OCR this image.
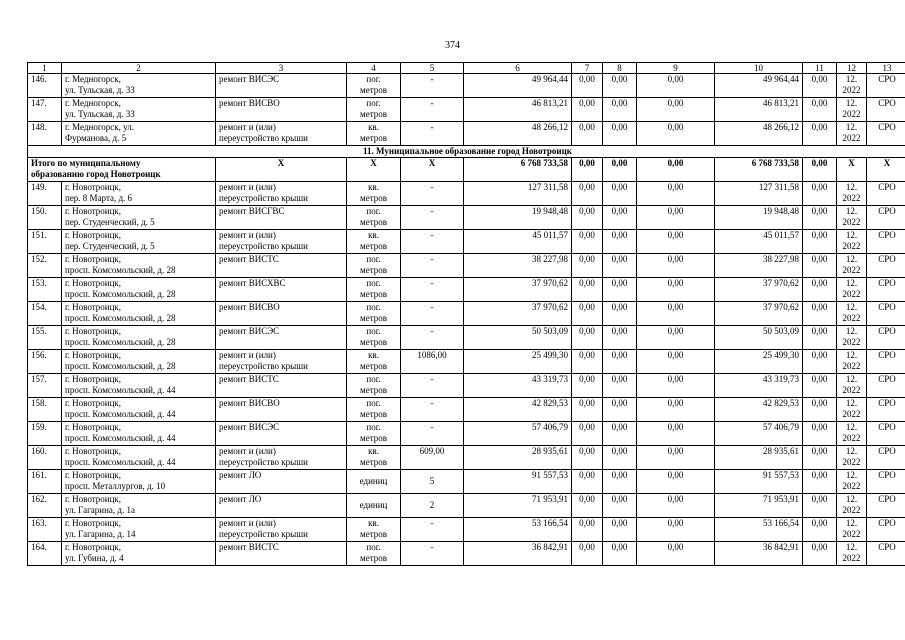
374
1	2	3	4	5	6	7	8	9	10	11	12	13
146.	г. Медногорск,
ул. Тульская, д. 33	ремонт ВИСЭС	пог.
метров	-	49 964,44	0,00	0,00	0,00	49 964,44	0,00	12.
2022	СРО
147.	г. Медногорск,
ул. Тульская, д. 33	ремонт ВИСВО	пог.
метров	-	46 813,21	0,00	0,00	0,00	46 813,21	0,00	12.
2022	СРО
148.	г. Медногорск, ул.
Фурманова, д. 5	ремонт и (или)
переустройство крыши	кв.
метров	-	48 266,12	0,00	0,00	0,00	48 266,12	0,00	12.
2022	СРО
11. Муниципальное образование город Новотроицк												
Итого по муниципальному
образованию город Новотроицк		Х	Х	Х	6 768 733,58	0,00	0,00	0,00	6 768 733,58	0,00	Х	Х
149.	г. Новотроицк,
пер. 8 Марта, д. 6	ремонт и (или)
переустройство крыши	кв.
метров	-	127 311,58	0,00	0,00	0,00	127 311,58	0,00	12.
2022	СРО
150.	г. Новотроицк,
пер. Студенческий, д. 5	ремонт ВИСГВС	пог.
метров	-	19 948,48	0,00	0,00	0,00	19 948,48	0,00	12.
2022	СРО
151.	г. Новотроицк,
пер. Студенческий, д. 5	ремонт и (или)
переустройство крыши	кв.
метров	-	45 011,57	0,00	0,00	0,00	45 011,57	0,00	12.
2022	СРО
152.	г. Новотроицк,
просп. Комсомольский, д. 28	ремонт ВИСТС	пог.
метров	-	38 227,98	0,00	0,00	0,00	38 227,98	0,00	12.
2022	СРО
153.	г. Новотроицк,
просп. Комсомольский, д. 28	ремонт ВИСХВС	пог.
метров	-	37 970,62	0,00	0,00	0,00	37 970,62	0,00	12.
2022	СРО
154.	г. Новотроицк,
просп. Комсомольский, д. 28	ремонт ВИСВО	пог.
метров	-	37 970,62	0,00	0,00	0,00	37 970,62	0,00	12.
2022	СРО
155.	г. Новотроицк,
просп. Комсомольский, д. 28	ремонт ВИСЭС	пог.
метров	-	50 503,09	0,00	0,00	0,00	50 503,09	0,00	12.
2022	СРО
156.	г. Новотроицк,
просп. Комсомольский, д. 28	ремонт и (или)
переустройство крыши	кв.
метров	1086,00	25 499,30	0,00	0,00	0,00	25 499,30	0,00	12.
2022	СРО
157.	г. Новотроицк,
просп. Комсомольский, д. 44	ремонт ВИСТС	пог.
метров	-	43 319,73	0,00	0,00	0,00	43 319,73	0,00	12.
2022	СРО
158.	г. Новотроицк,
просп. Комсомольский, д. 44	ремонт ВИСВО	пог.
метров	-	42 829,53	0,00	0,00	0,00	42 829,53	0,00	12.
2022	СРО
159.	г. Новотроицк,
просп. Комсомольский, д. 44	ремонт ВИСЭС	пог.
метров	-	57 406,79	0,00	0,00	0,00	57 406,79	0,00	12.
2022	СРО
160.	г. Новотроицк,
просп. Комсомольский, д. 44	ремонт и (или)
переустройство крыши	кв.
метров	609,00	28 935,61	0,00	0,00	0,00	28 935,61	0,00	12.
2022	СРО
161.	г. Новотроицк,
просп. Металлургов, д. 10	ремонт ЛО	единиц	5	91 557,53	0,00	0,00	0,00	91 557,53	0,00	12.
2022	СРО
162.	г. Новотроицк,
ул. Гагарина, д. 1а	ремонт ЛО	единиц	2	71 953,91	0,00	0,00	0,00	71 953,91	0,00	12.
2022	СРО
163.	г. Новотроицк,
ул. Гагарина, д. 14	ремонт и (или)
переустройство крыши	кв.
метров	-	53 166,54	0,00	0,00	0,00	53 166,54	0,00	12.
2022	СРО
164.	г. Новотроицк,
ул. Губина, д. 4	ремонт ВИСТС	пог.
метров	-	36 842,91	0,00	0,00	0,00	36 842,91	0,00	12.
2022	СРО
